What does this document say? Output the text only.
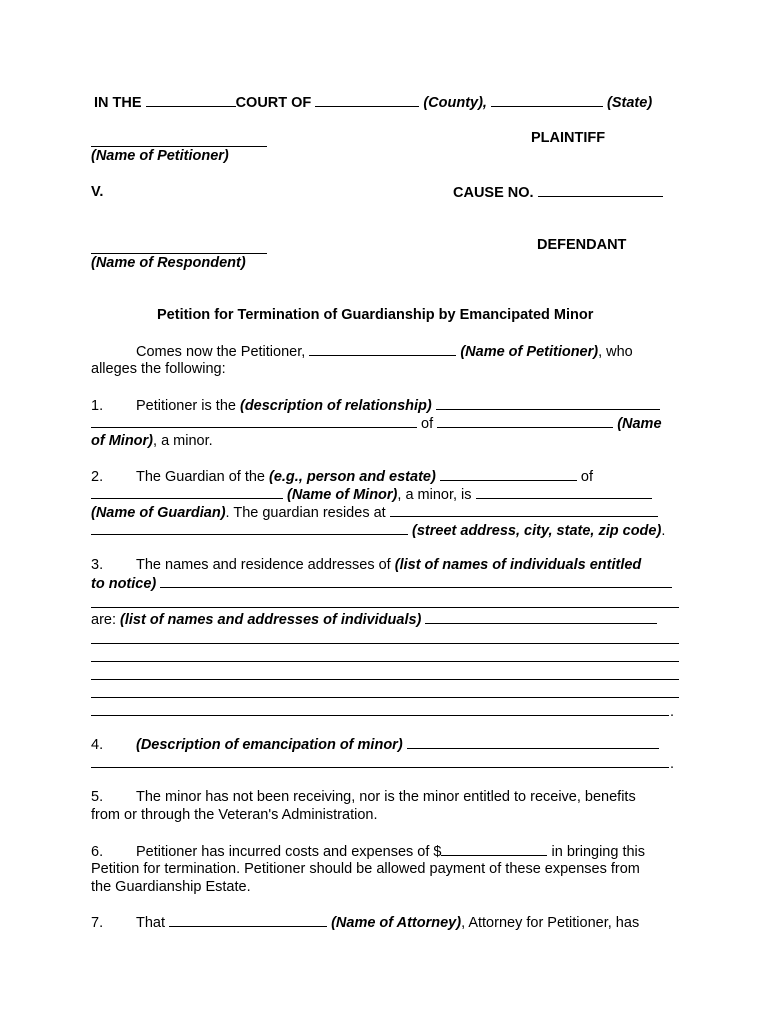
IN THE	COURT OF	(County),	(State)
PLAINTIFF
(Name of Petitioner)
V.	CAUSE NO.
DEFENDANT
(Name of Respondent)
Petition for Termination of Guardianship by Emancipated Minor
Comes now the Petitioner,	(Name of Petitioner), who
alleges the following:
1. Petitioner is the (description of relationship)
of	(Name
of Minor), a minor.
2. The Guardian of the (e.g., person and estate)	of
(Name of Minor), a minor, is
(Name of Guardian). The guardian resides at
(street address, city, state, zip code).
3. The names and residence addresses of (list of names of individuals entitled
to notice)
are: (list of names and addresses of individuals)
.
4. (Description of emancipation of minor)
.
5. The minor has not been receiving, nor is the minor entitled to receive, benefits
from or through the Veteran's Administration.
6. Petitioner has incurred costs and expenses of $	in bringing this
Petition for termination. Petitioner should be allowed payment of these expenses from
the Guardianship Estate.
7. That	(Name of Attorney), Attorney for Petitioner, has
